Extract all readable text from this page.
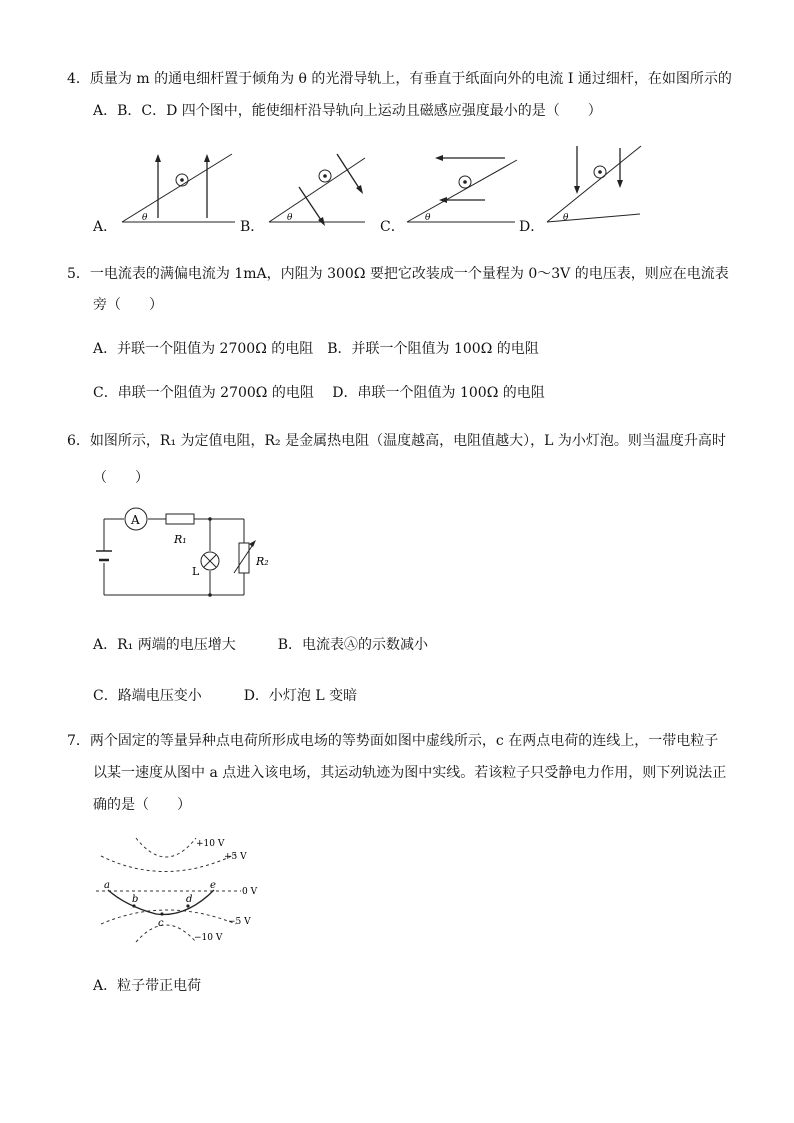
4．质量为 m 的通电细杆置于倾角为 θ 的光滑导轨上，有垂直于纸面向外的电流 I 通过细杆，在如图所示的
A．B．C．D 四个图中，能使细杆沿导轨向上运动且磁感应强度最小的是（　　）
A．	B．	C．	D．
θ	θ	θ	θ
5．一电流表的满偏电流为 1mA，内阻为 300Ω 要把它改装成一个量程为 0～3V 的电压表，则应在电流表
旁（　　）
A．并联一个阻值为 2700Ω 的电阻　B．并联一个阻值为 100Ω 的电阻
C．串联一个阻值为 2700Ω 的电阻　 D．串联一个阻值为 100Ω 的电阻
6．如图所示，R₁ 为定值电阻，R₂ 是金属热电阻（温度越高，电阻值越大），L 为小灯泡。则当温度升高时
（　　）
A
R₁
L
R₂
A．R₁ 两端的电压增大　　　B．电流表Ⓐ的示数减小
C．路端电压变小　　　D．小灯泡 L 变暗
7．两个固定的等量异种点电荷所形成电场的等势面如图中虚线所示，c 在两点电荷的连线上，一带电粒子
以某一速度从图中 a 点进入该电场，其运动轨迹为图中实线。若该粒子只受静电力作用，则下列说法正
确的是（　　）
+10 V
+5 V
0 V
−5 V
−10 V
a
b
c
d
e
A．粒子带正电荷
